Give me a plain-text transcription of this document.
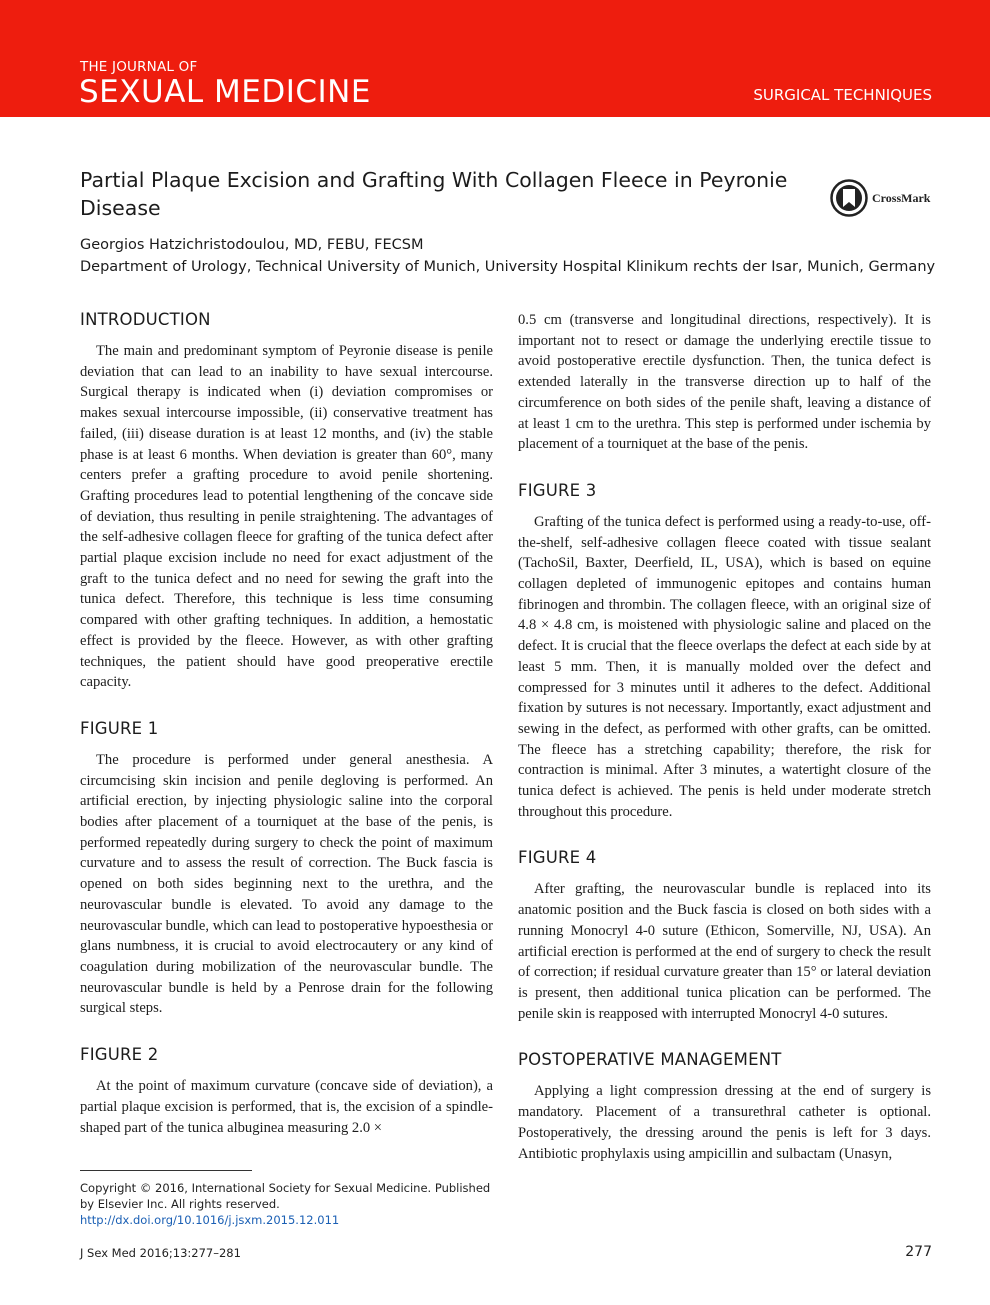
THE JOURNAL OF
SEXUAL MEDICINE	SURGICAL TECHNIQUES
Partial Plaque Excision and Grafting With Collagen Fleece in Peyronie Disease	CrossMark
Georgios Hatzichristodoulou, MD, FEBU, FECSM
Department of Urology, Technical University of Munich, University Hospital Klinikum rechts der Isar, Munich, Germany
INTRODUCTION

The main and predominant symptom of Peyronie disease is penile deviation that can lead to an inability to have sexual intercourse. Surgical therapy is indicated when (i) deviation compromises or makes sexual intercourse impossible, (ii) conservative treatment has failed, (iii) disease duration is at least 12 months, and (iv) the stable phase is at least 6 months. When deviation is greater than 60°, many centers prefer a grafting procedure to avoid penile shortening. Grafting procedures lead to potential lengthening of the concave side of deviation, thus resulting in penile straightening. The advantages of the self-adhesive collagen fleece for grafting of the tunica defect after partial plaque excision include no need for exact adjustment of the graft to the tunica defect and no need for sewing the graft into the tunica defect. Therefore, this technique is less time consuming compared with other grafting techniques. In addition, a hemostatic effect is provided by the fleece. However, as with other grafting techniques, the patient should have good preoperative erectile capacity.

FIGURE 1

The procedure is performed under general anesthesia. A circumcising skin incision and penile degloving is performed. An artificial erection, by injecting physiologic saline into the corporal bodies after placement of a tourniquet at the base of the penis, is performed repeatedly during surgery to check the point of maximum curvature and to assess the result of correction. The Buck fascia is opened on both sides beginning next to the urethra, and the neurovascular bundle is elevated. To avoid any damage to the neurovascular bundle, which can lead to postoperative hypoesthesia or glans numbness, it is crucial to avoid electrocautery or any kind of coagulation during mobilization of the neurovascular bundle. The neurovascular bundle is held by a Penrose drain for the following surgical steps.

FIGURE 2

At the point of maximum curvature (concave side of deviation), a partial plaque excision is performed, that is, the excision of a spindle-shaped part of the tunica albuginea measuring 2.0 ×

0.5 cm (transverse and longitudinal directions, respectively). It is important not to resect or damage the underlying erectile tissue to avoid postoperative erectile dysfunction. Then, the tunica defect is extended laterally in the transverse direction up to half of the circumference on both sides of the penile shaft, leaving a distance of at least 1 cm to the urethra. This step is performed under ischemia by placement of a tourniquet at the base of the penis.

FIGURE 3

Grafting of the tunica defect is performed using a ready-to-use, off-the-shelf, self-adhesive collagen fleece coated with tissue sealant (TachoSil, Baxter, Deerfield, IL, USA), which is based on equine collagen depleted of immunogenic epitopes and contains human fibrinogen and thrombin. The collagen fleece, with an original size of 4.8 × 4.8 cm, is moistened with physiologic saline and placed on the defect. It is crucial that the fleece overlaps the defect at each side by at least 5 mm. Then, it is manually molded over the defect and compressed for 3 minutes until it adheres to the defect. Additional fixation by sutures is not necessary. Importantly, exact adjustment and sewing in the defect, as performed with other grafts, can be omitted. The fleece has a stretching capability; therefore, the risk for contraction is minimal. After 3 minutes, a watertight closure of the tunica defect is achieved. The penis is held under moderate stretch throughout this procedure.

FIGURE 4

After grafting, the neurovascular bundle is replaced into its anatomic position and the Buck fascia is closed on both sides with a running Monocryl 4-0 suture (Ethicon, Somerville, NJ, USA). An artificial erection is performed at the end of surgery to check the result of correction; if residual curvature greater than 15° or lateral deviation is present, then additional tunica plication can be performed. The penile skin is reapposed with interrupted Monocryl 4-0 sutures.

POSTOPERATIVE MANAGEMENT

Applying a light compression dressing at the end of surgery is mandatory. Placement of a transurethral catheter is optional. Postoperatively, the dressing around the penis is left for 3 days. Antibiotic prophylaxis using ampicillin and sulbactam (Unasyn,

Copyright © 2016, International Society for Sexual Medicine. Published by Elsevier Inc. All rights reserved.
http://dx.doi.org/10.1016/j.jsxm.2015.12.011
J Sex Med 2016;13:277–281	277
